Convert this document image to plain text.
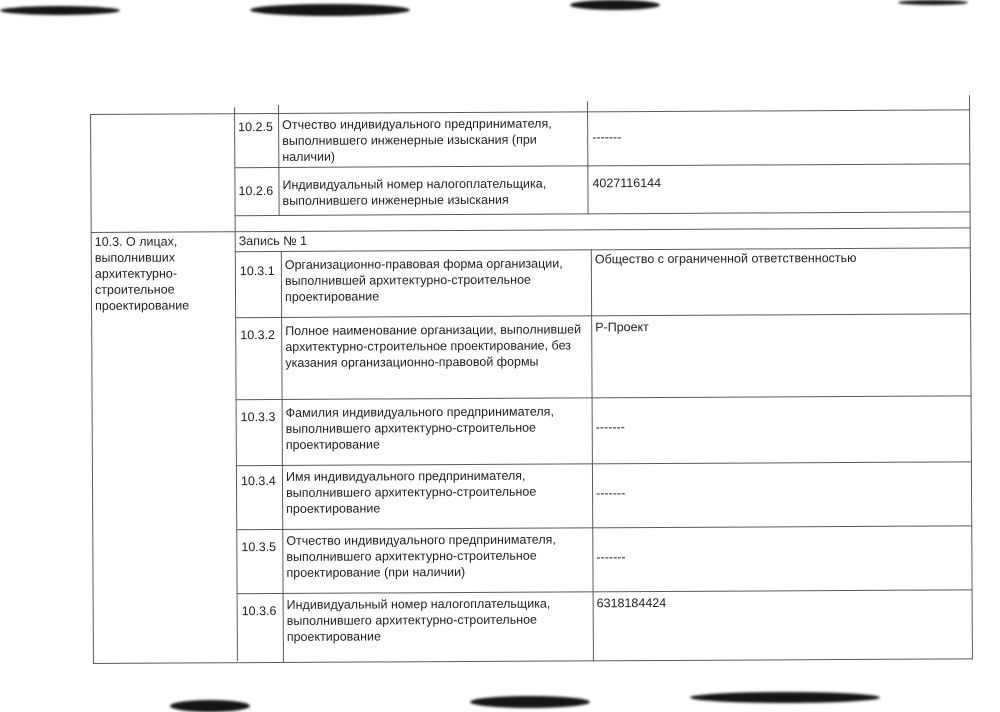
10.2.5 Отчество индивидуального предпринимателя, выполнившего инженерные изыскания (при наличии)
-------
10.2.6 Индивидуальный номер налогоплательщика, выполнившего инженерные изыскания
4027116144
10.3. О лицах, выполнивших архитектурно-строительное проектирование
Запись № 1
10.3.1 Организационно-правовая форма организации, выполнившей архитектурно-строительное проектирование
Общество с ограниченной ответственностью
10.3.2 Полное наименование организации, выполнившей архитектурно-строительное проектирование, без указания организационно-правовой формы
Р-Проект
10.3.3 Фамилия индивидуального предпринимателя, выполнившего архитектурно-строительное проектирование
-------
10.3.4 Имя индивидуального предпринимателя, выполнившего архитектурно-строительное проектирование
-------
10.3.5 Отчество индивидуального предпринимателя, выполнившего архитектурно-строительное проектирование (при наличии)
-------
10.3.6 Индивидуальный номер налогоплательщика, выполнившего архитектурно-строительное проектирование
6318184424
